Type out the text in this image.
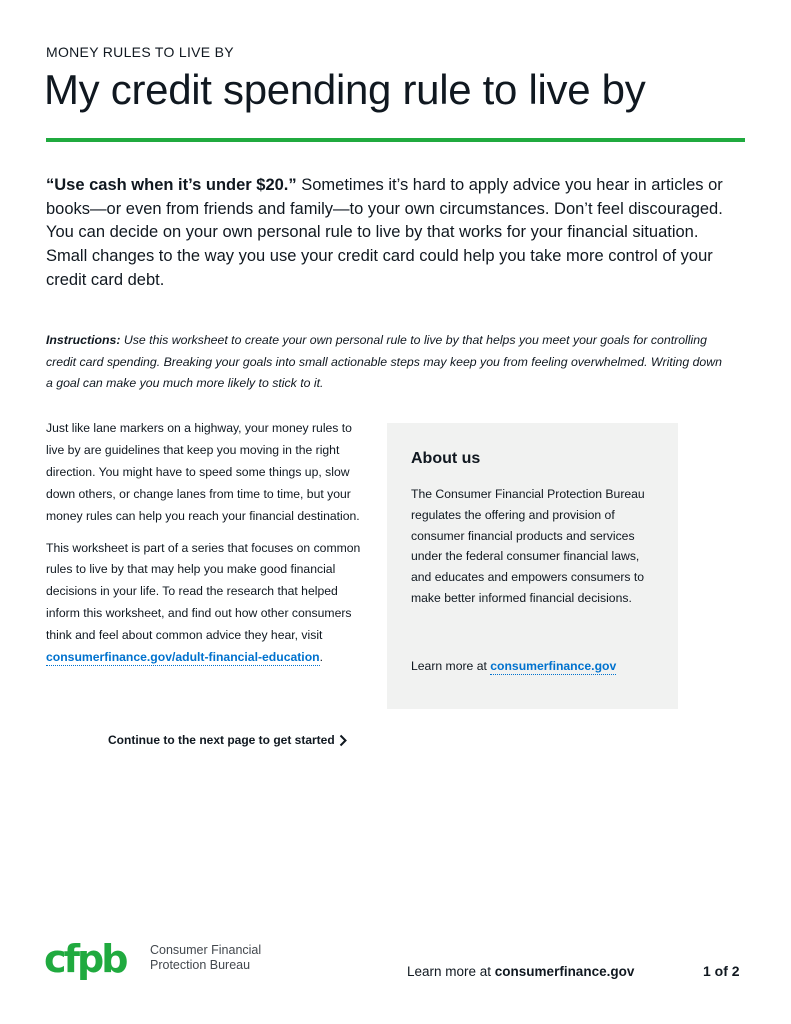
MONEY RULES TO LIVE BY
My credit spending rule to live by

“Use cash when it’s under $20.” Sometimes it’s hard to apply advice you hear in articles or books—or even from friends and family—to your own circumstances. Don’t feel discouraged. You can decide on your own personal rule to live by that works for your financial situation. Small changes to the way you use your credit card could help you take more control of your credit card debt.

Instructions: Use this worksheet to create your own personal rule to live by that helps you meet your goals for controlling credit card spending. Breaking your goals into small actionable steps may keep you from feeling overwhelmed. Writing down a goal can make you much more likely to stick to it.

Just like lane markers on a highway, your money rules to live by are guidelines that keep you moving in the right direction. You might have to speed some things up, slow down others, or change lanes from time to time, but your money rules can help you reach your financial destination.

This worksheet is part of a series that focuses on common rules to live by that may help you make good financial decisions in your life. To read the research that helped inform this worksheet, and find out how other consumers think and feel about common advice they hear, visit consumerfinance.gov/adult-financial-education.

Continue to the next page to get started
About us

The Consumer Financial Protection Bureau regulates the offering and provision of consumer financial products and services under the federal consumer financial laws, and educates and empowers consumers to make better informed financial decisions.

Learn more at consumerfinance.gov
cfpb Consumer Financial
Protection Bureau	Learn more at consumerfinance.gov	1 of 2
